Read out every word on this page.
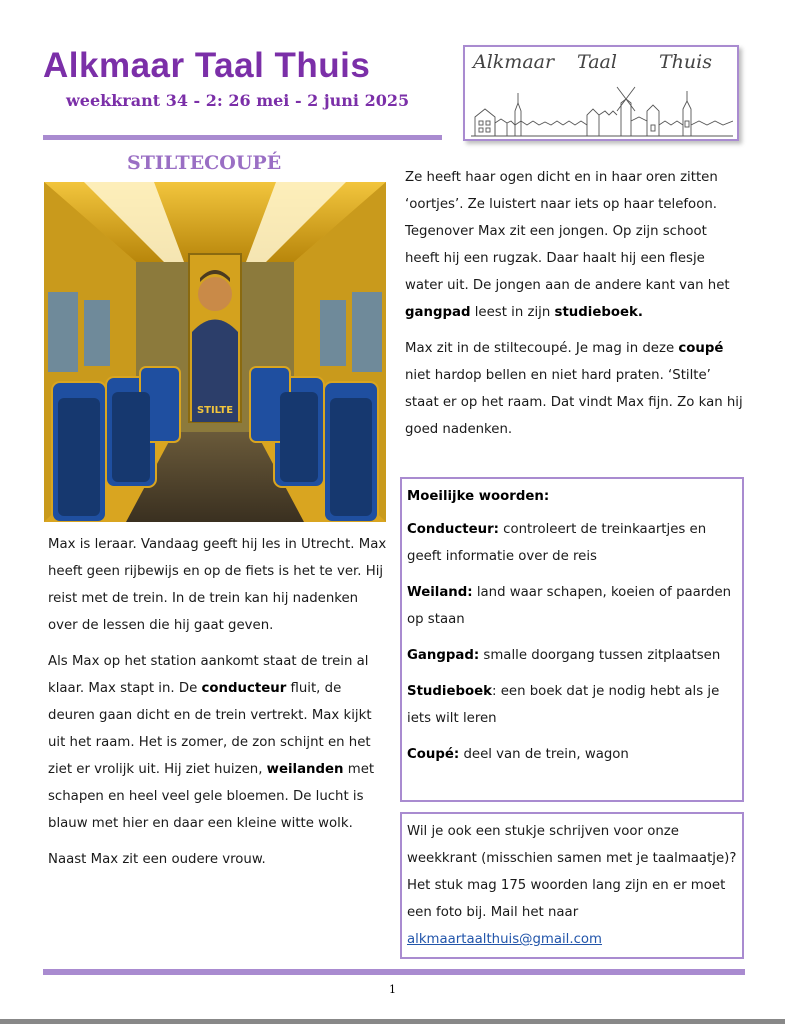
Alkmaar Taal Thuis
weekkrant 34 - 2: 26 mei - 2 juni 2025
Alkmaar Taal Thuis
STILTECOUPÉ
STILTE

Max is leraar. Vandaag geeft hij les in Utrecht. Max heeft geen rijbewijs en op de fiets is het te ver. Hij reist met de trein. In de trein kan hij nadenken over de lessen die hij gaat geven.

Als Max op het station aankomt staat de trein al klaar. Max stapt in. De conducteur fluit, de deuren gaan dicht en de trein vertrekt. Max kijkt uit het raam. Het is zomer, de zon schijnt en het ziet er vrolijk uit. Hij ziet huizen, weilanden met schapen en heel veel gele bloemen. De lucht is blauw met hier en daar een kleine witte wolk.

Naast Max zit een oudere vrouw.

Ze heeft haar ogen dicht en in haar oren zitten ‘oortjes’. Ze luistert naar iets op haar telefoon. Tegenover Max zit een jongen. Op zijn schoot heeft hij een rugzak. Daar haalt hij een flesje water uit. De jongen aan de andere kant van het gangpad leest in zijn studieboek.

Max zit in de stiltecoupé. Je mag in deze coupé niet hardop bellen en niet hard praten. ‘Stilte’ staat er op het raam. Dat vindt Max fijn. Zo kan hij goed nadenken.

Moeilijke woorden:

Conducteur: controleert de treinkaartjes en geeft informatie over de reis

Weiland: land waar schapen, koeien of paarden op staan

Gangpad: smalle doorgang tussen zitplaatsen

Studieboek: een boek dat je nodig hebt als je iets wilt leren

Coupé: deel van de trein, wagon

Wil je ook een stukje schrijven voor onze weekkrant (misschien samen met je taalmaatje)? Het stuk mag 175 woorden lang zijn en er moet een foto bij. Mail het naar alkmaartaalthuis@gmail.com
1
